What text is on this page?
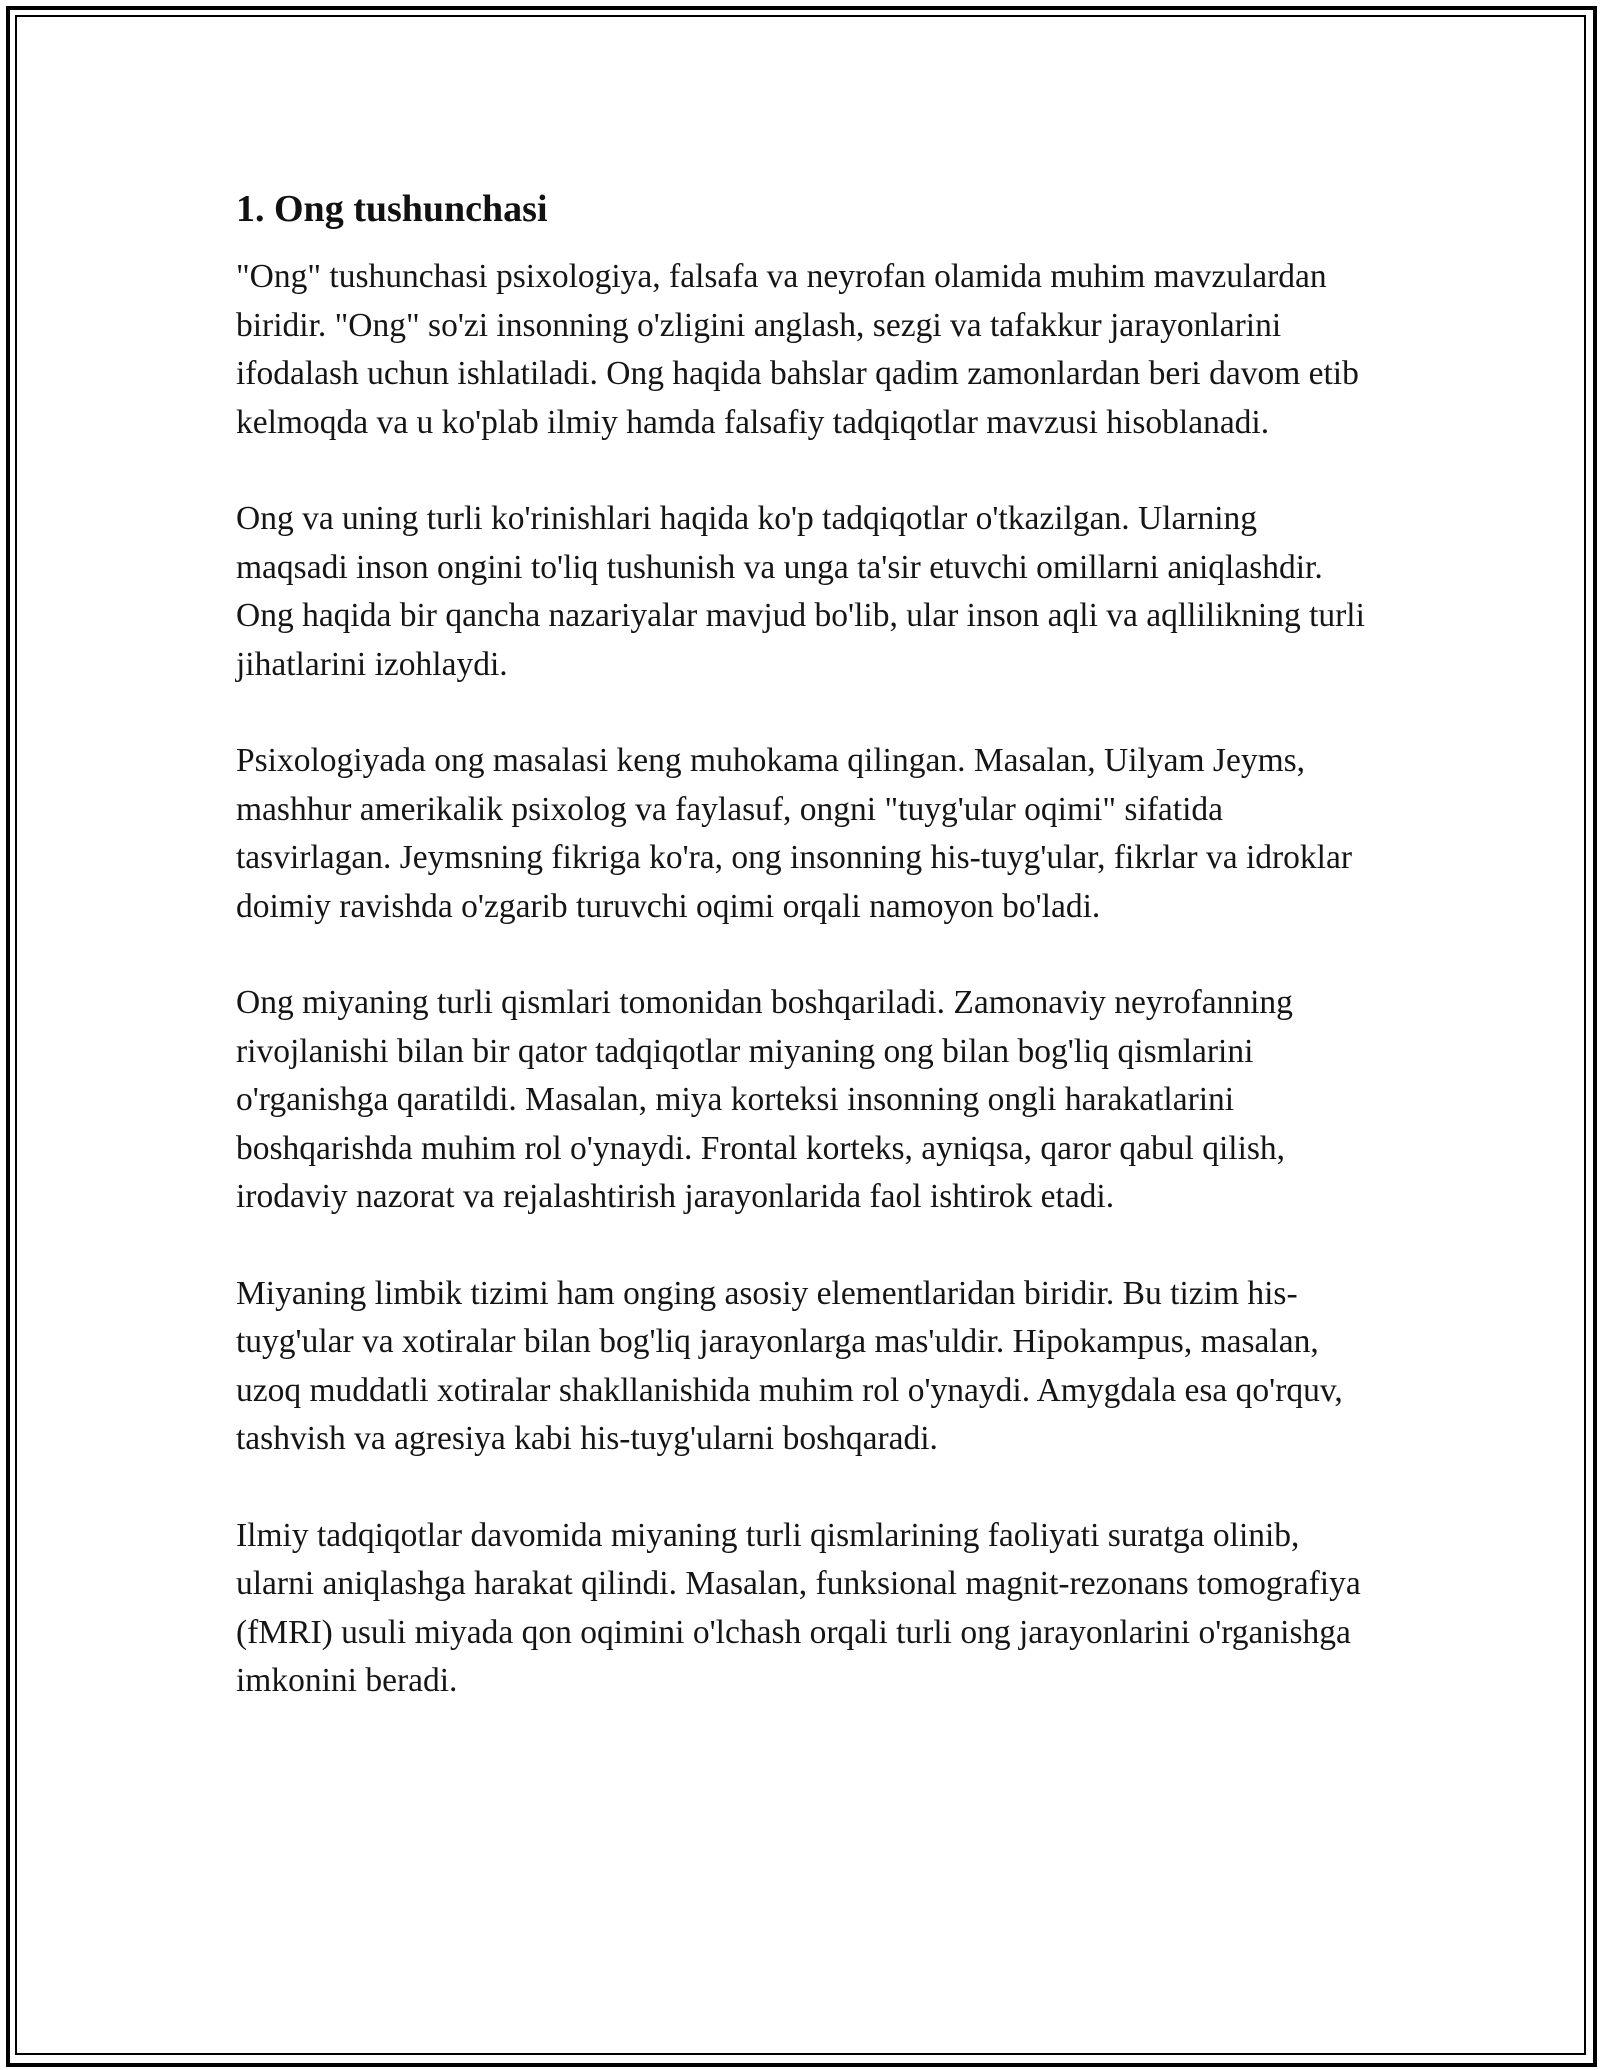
1. Ong tushunchasi

"Ong" tushunchasi psixologiya, falsafa va neyrofan olamida muhim mavzulardan biridir. "Ong" so'zi insonning o'zligini anglash, sezgi va tafakkur jarayonlarini ifodalash uchun ishlatiladi. Ong haqida bahslar qadim zamonlardan beri davom etib kelmoqda va u ko'plab ilmiy hamda falsafiy tadqiqotlar mavzusi hisoblanadi.

Ong va uning turli ko'rinishlari haqida ko'p tadqiqotlar o'tkazilgan. Ularning maqsadi inson ongini to'liq tushunish va unga ta'sir etuvchi omillarni aniqlashdir. Ong haqida bir qancha nazariyalar mavjud bo'lib, ular inson aqli va aqllilikning turli jihatlarini izohlaydi.

Psixologiyada ong masalasi keng muhokama qilingan. Masalan, Uilyam Jeyms, mashhur amerikalik psixolog va faylasuf, ongni "tuyg'ular oqimi" sifatida tasvirlagan. Jeymsning fikriga ko'ra, ong insonning his-tuyg'ular, fikrlar va idroklar doimiy ravishda o'zgarib turuvchi oqimi orqali namoyon bo'ladi.

Ong miyaning turli qismlari tomonidan boshqariladi. Zamonaviy neyrofanning rivojlanishi bilan bir qator tadqiqotlar miyaning ong bilan bog'liq qismlarini o'rganishga qaratildi. Masalan, miya korteksi insonning ongli harakatlarini boshqarishda muhim rol o'ynaydi. Frontal korteks, ayniqsa, qaror qabul qilish, irodaviy nazorat va rejalashtirish jarayonlarida faol ishtirok etadi.

Miyaning limbik tizimi ham onging asosiy elementlaridan biridir. Bu tizim his-tuyg'ular va xotiralar bilan bog'liq jarayonlarga mas'uldir. Hipokampus, masalan, uzoq muddatli xotiralar shakllanishida muhim rol o'ynaydi. Amygdala esa qo'rquv, tashvish va agresiya kabi his-tuyg'ularni boshqaradi.

Ilmiy tadqiqotlar davomida miyaning turli qismlarining faoliyati suratga olinib, ularni aniqlashga harakat qilindi. Masalan, funksional magnit-rezonans tomografiya (fMRI) usuli miyada qon oqimini o'lchash orqali turli ong jarayonlarini o'rganishga imkonini beradi.
